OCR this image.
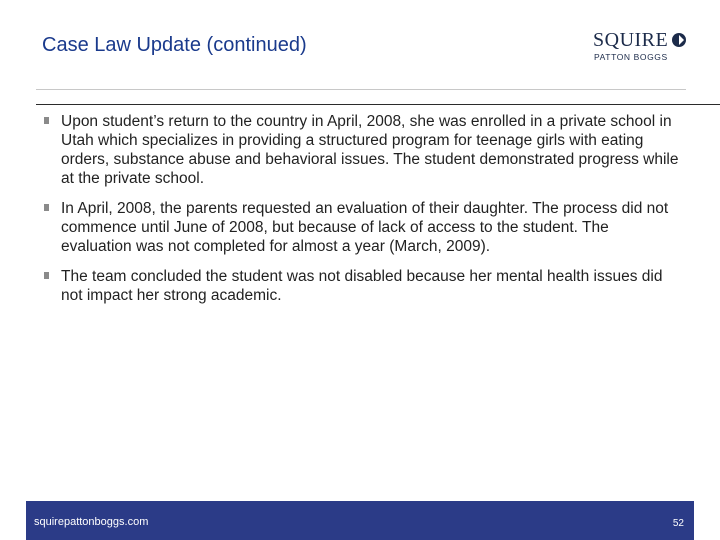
Case Law Update (continued)	SQUIRE
PATTON BOGGS
Upon student’s return to the country in April, 2008, she was enrolled in a private school in Utah which specializes in providing a structured program for teenage girls with eating orders, substance abuse and behavioral issues. The student demonstrated progress while at the private school.
In April, 2008, the parents requested an evaluation of their daughter. The process did not commence until June of 2008, but because of lack of access to the student. The evaluation was not completed for almost a year (March, 2009).
The team concluded the student was not disabled because her mental health issues did not impact her strong academic.
squirepattonboggs.com	52
